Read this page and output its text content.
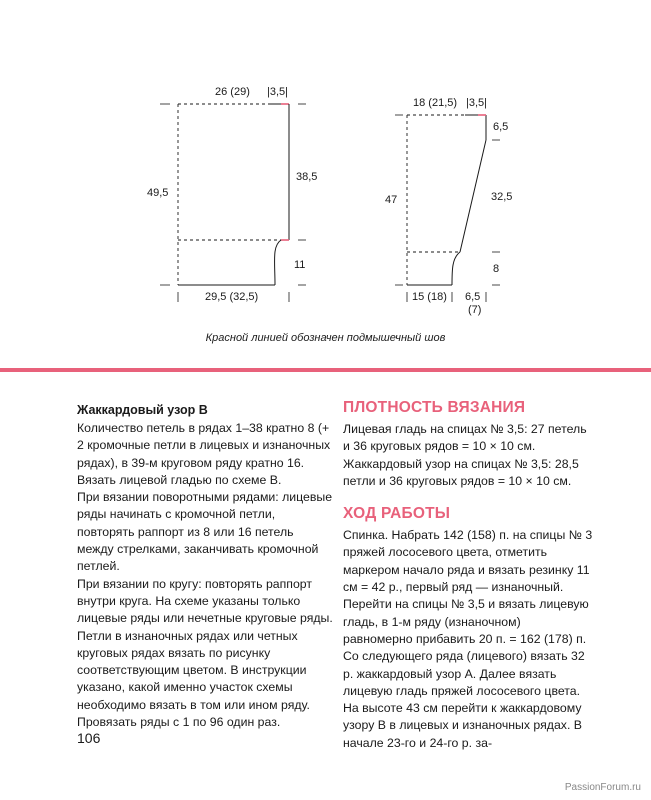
26 (29) |3,5|
49,5
38,5
11
29,5 (32,5)
18 (21,5) |3,5|
6,5
47	32,5
8
15 (18) 6,5
(7)
Красной линией обозначен подмышечный шов
Жаккардовый узор В

Количество петель в рядах 1–38 кратно 8 (+ 2 кромочные петли в лицевых и изнаночных рядах), в 39-м круговом ряду кратно 16. Вязать лицевой гладью по схеме В.

При вязании поворотными рядами: лицевые ряды начинать с кромочной петли, повторять раппорт из 8 или 16 петель между стрелками, заканчивать кромочной петлей.

При вязании по кругу: повторять раппорт внутри круга. На схеме указаны только лицевые ряды или нечетные круговые ряды.

Петли в изнаночных рядах или четных круговых рядах вязать по рисунку соответствующим цветом. В инструкции указано, какой именно участок схемы необходимо вязать в том или ином ряду. Провязать ряды с 1 по 96 один раз.

ПЛОТНОСТЬ ВЯЗАНИЯ

Лицевая гладь на спицах № 3,5: 27 петель и 36 круговых рядов = 10 × 10 см.

Жаккардовый узор на спицах № 3,5: 28,5 петли и 36 круговых рядов = 10 × 10 см.

ХОД РАБОТЫ

Спинка. Набрать 142 (158) п. на спицы № 3 пряжей лососевого цвета, отметить маркером начало ряда и вязать резинку 11 см = 42 р., первый ряд — изнаночный. Перейти на спицы № 3,5 и вязать лицевую гладь, в 1-м ряду (изнаночном) равномерно прибавить 20 п. = 162 (178) п. Со следующего ряда (лицевого) вязать 32 р. жаккардовый узор А. Далее вязать лицевую гладь пряжей лососевого цвета. На высоте 43 см перейти к жаккардовому узору В в лицевых и изнаночных рядах. В начале 23-го и 24-го р. за-

106
PassionForum.ru
